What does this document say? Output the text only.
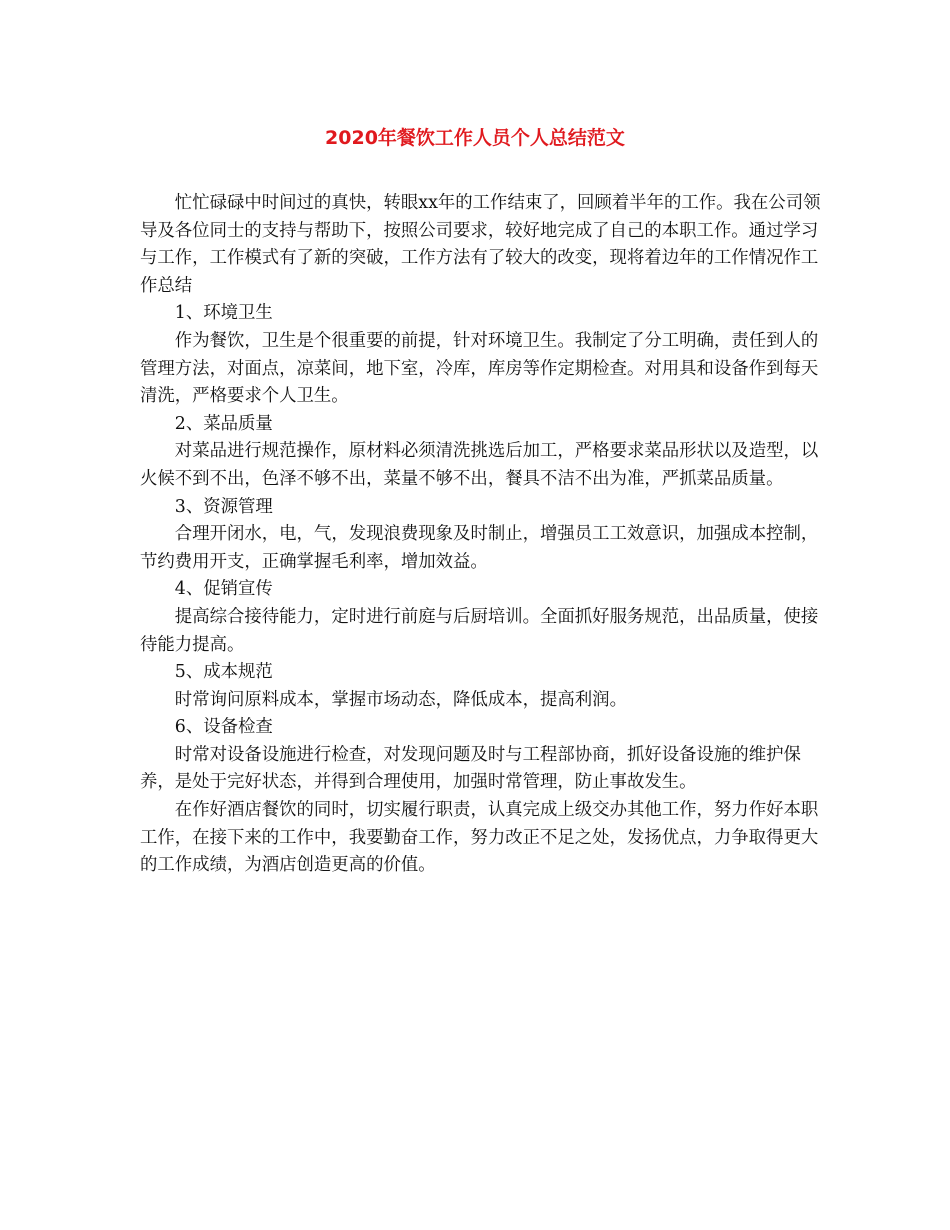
2020年餐饮工作人员个人总结范文

忙忙碌碌中时间过的真快，转眼xx年的工作结束了，回顾着半年的工作。我在公司领导及各位同士的支持与帮助下，按照公司要求，较好地完成了自己的本职工作。通过学习与工作，工作模式有了新的突破，工作方法有了较大的改变，现将着边年的工作情况作工作总结

1、环境卫生

作为餐饮，卫生是个很重要的前提，针对环境卫生。我制定了分工明确，责任到人的管理方法，对面点，凉菜间，地下室，冷库，库房等作定期检查。对用具和设备作到每天清洗，严格要求个人卫生。

2、菜品质量

对菜品进行规范操作，原材料必须清洗挑选后加工，严格要求菜品形状以及造型，以火候不到不出，色泽不够不出，菜量不够不出，餐具不洁不出为准，严抓菜品质量。

3、资源管理

合理开闭水，电，气，发现浪费现象及时制止，增强员工工效意识，加强成本控制，节约费用开支，正确掌握毛利率，增加效益。

4、促销宣传

提高综合接待能力，定时进行前庭与后厨培训。全面抓好服务规范，出品质量，使接待能力提高。

5、成本规范

时常询问原料成本，掌握市场动态，降低成本，提高利润。

6、设备检查

时常对设备设施进行检查，对发现问题及时与工程部协商，抓好设备设施的维护保养，是处于完好状态，并得到合理使用，加强时常管理，防止事故发生。

在作好酒店餐饮的同时，切实履行职责，认真完成上级交办其他工作，努力作好本职工作，在接下来的工作中，我要勤奋工作，努力改正不足之处，发扬优点，力争取得更大的工作成绩，为酒店创造更高的价值。
